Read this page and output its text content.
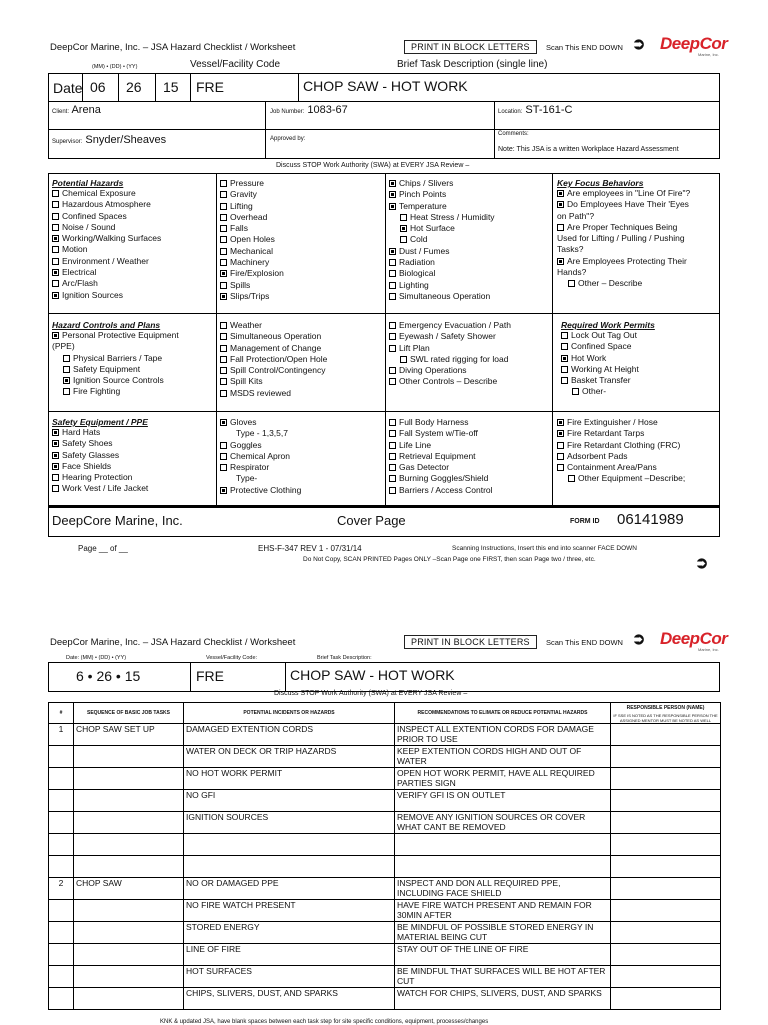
DeepCor Marine, Inc. – JSA Hazard Checklist / Worksheet	PRINT IN BLOCK LETTERS	Scan This END DOWN ➲ DeepCor
Marine, Inc.
(MM) • (DD) • (YY)	Vessel/Facility Code	Brief Task Description (single line)
Date 06 26 15 FRE	CHOP SAW - HOT WORK
Client: Arena	Job Number: 1083-67	Location: ST-161-C
Supervisor: Snyder/Sheaves	Approved by:
Comments:
Note: This JSA is a written Workplace Hazard Assessment
Discuss STOP Work Authority (SWA) at EVERY JSA Review –
Potential Hazards
Chemical Exposure
Hazardous Atmosphere
Confined Spaces
Noise / Sound
Working/Walking Surfaces
Motion
Environment / Weather
Electrical
Arc/Flash
Ignition Sources
Pressure
Gravity
Lifting
Overhead
Falls
Open Holes
Mechanical
Machinery
Fire/Explosion
Spills
Slips/Trips
Chips / Slivers
Pinch Points
Temperature
Heat Stress / Humidity
Hot Surface
Cold
Dust / Fumes
Radiation
Biological
Lighting
Simultaneous Operation
Key Focus Behaviors
Are employees in "Line Of Fire"?
Do Employees Have Their 'Eyes
on Path"?
Are Proper Techniques Being
Used for Lifting / Pulling / Pushing
Tasks?
Are Employees Protecting Their
Hands?
Other – Describe
Hazard Controls and Plans
Personal Protective Equipment
(PPE)
Physical Barriers / Tape
Safety Equipment
Ignition Source Controls
Fire Fighting
Weather
Simultaneous Operation
Management of Change
Fall Protection/Open Hole
Spill Control/Contingency
Spill Kits
MSDS reviewed
Emergency Evacuation / Path
Eyewash / Safety Shower
Lift Plan
SWL rated rigging for load
Diving Operations
Other Controls – Describe
Required Work Permits
Lock Out Tag Out
Confined Space
Hot Work
Working At Height
Basket Transfer
Other-
Safety Equipment / PPE
Hard Hats
Safety Shoes
Safety Glasses
Face Shields
Hearing Protection
Work Vest / Life Jacket
Gloves
Type - 1,3,5,7
Goggles
Chemical Apron
Respirator
Type-
Protective Clothing
Full Body Harness
Fall System w/Tie-off
Life Line
Retrieval Equipment
Gas Detector
Burning Goggles/Shield
Barriers / Access Control
Fire Extinguisher / Hose
Fire Retardant Tarps
Fire Retardant Clothing (FRC)
Adsorbent Pads
Containment Area/Pans
Other Equipment –Describe;
DeepCore Marine, Inc.	Cover Page	FORM ID 06141989
Page __ of __	EHS-F-347 REV 1 - 07/31/14	Scanning Instructions, Insert this end into scanner FACE DOWN
Do Not Copy, SCAN PRINTED Pages ONLY –Scan Page one FIRST, then scan Page two / three, etc.	➲
DeepCor Marine, Inc. – JSA Hazard Checklist / Worksheet	PRINT IN BLOCK LETTERS	Scan This END DOWN ➲ DeepCor
Marine, Inc.
Date: (MM) • (DD) • (YY)	Vessel/Facility Code:	Brief Task Description:
6 • 26 • 15	FRE	CHOP SAW - HOT WORK
Discuss STOP Work Authority (SWA) at EVERY JSA Review –
#	SEQUENCE OF BASIC JOB TASKS	POTENTIAL INCIDENTS OR HAZARDS	RECOMMENDATIONS TO ELIMATE OR REDUCE POTENTIAL HAZARDS	RESPONSIBLE PERSON (NAME)
IF SSE IS NOTED AS THE RESPONSIBLE PERSON THE ASSIGNED MENTOR MUST BE NOTED AS WELL

1	CHOP SAW SET UP	DAMAGED EXTENTION CORDS	INSPECT ALL EXTENTION CORDS FOR DAMAGE PRIOR TO USE	
		WATER ON DECK OR TRIP HAZARDS	KEEP EXTENTION CORDS HIGH AND OUT OF WATER	
		NO HOT WORK PERMIT	OPEN HOT WORK PERMIT, HAVE ALL REQUIRED PARTIES SIGN	
		NO GFI	VERIFY GFI IS ON OUTLET	
		IGNITION SOURCES	REMOVE ANY IGNITION SOURCES OR COVER WHAT CANT BE REMOVED	

2	CHOP SAW	NO OR DAMAGED PPE	INSPECT AND DON ALL REQUIRED PPE, INCLUDING FACE SHIELD	
		NO FIRE WATCH PRESENT	HAVE FIRE WATCH PRESENT AND REMAIN FOR 30MIN AFTER	
		STORED ENERGY	BE MINDFUL OF POSSIBLE STORED ENERGY IN MATERIAL BEING CUT	
		LINE OF FIRE	STAY OUT OF THE LINE OF FIRE	
		HOT SURFACES	BE MINDFUL THAT SURFACES WILL BE HOT AFTER CUT	
		CHIPS, SLIVERS, DUST, AND SPARKS	WATCH FOR CHIPS, SLIVERS, DUST, AND SPARKS	
KNK & updated JSA, have blank spaces between each task step for site specific conditions, equipment, processes/changes
